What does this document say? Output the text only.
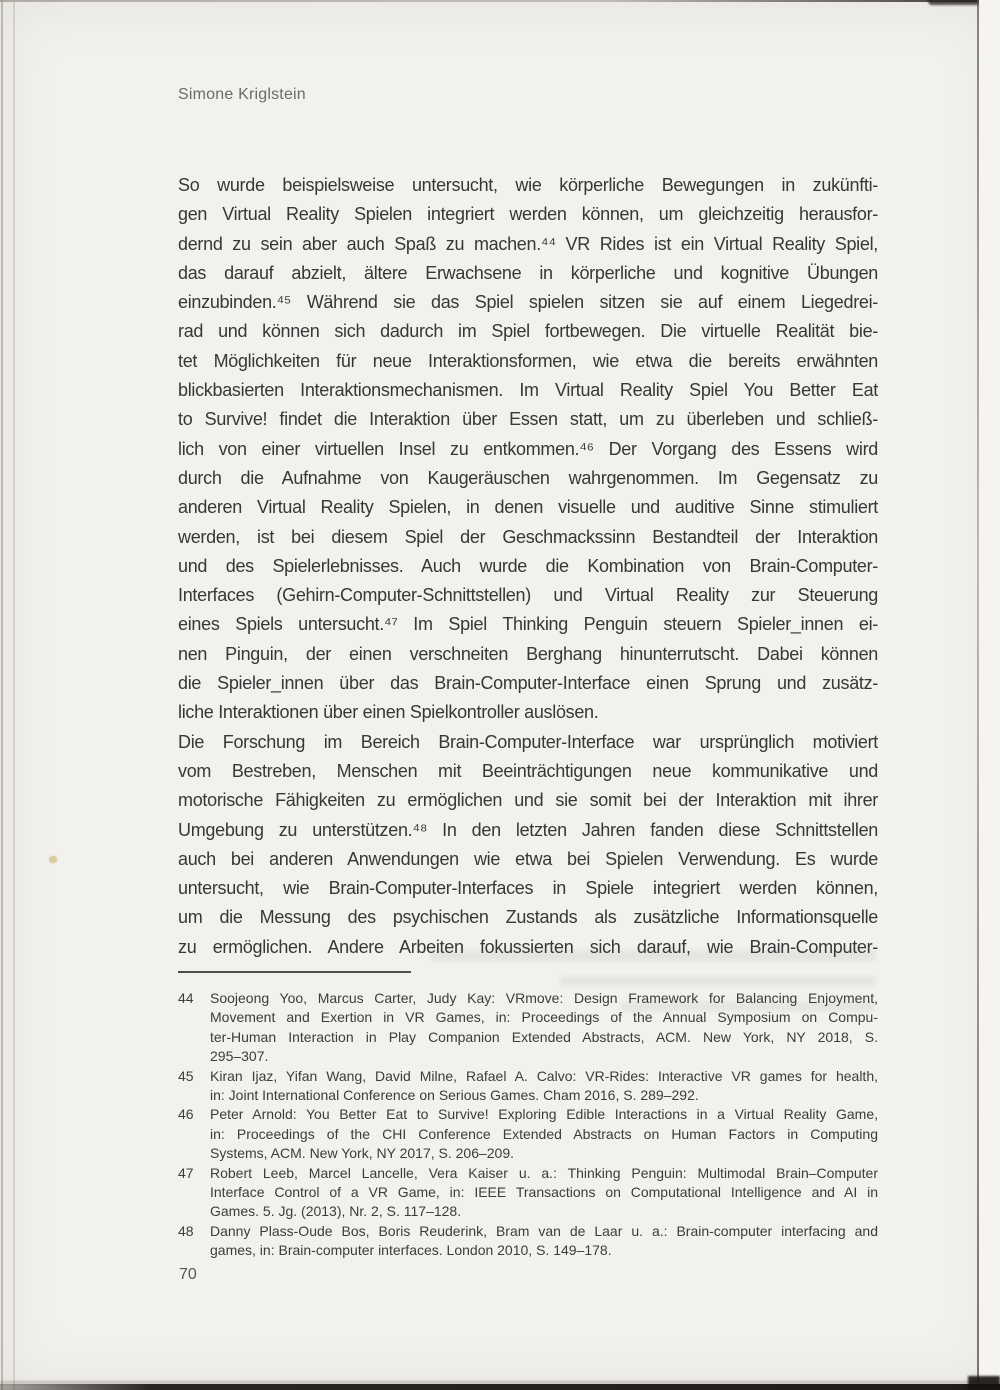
Simone Kriglstein
So wurde beispielsweise untersucht, wie körperliche Bewegungen in zukünfti-
gen Virtual Reality Spielen integriert werden können, um gleichzeitig herausfor-
dernd zu sein aber auch Spaß zu machen.⁴⁴ VR Rides ist ein Virtual Reality Spiel,
das darauf abzielt, ältere Erwachsene in körperliche und kognitive Übungen
einzubinden.⁴⁵ Während sie das Spiel spielen sitzen sie auf einem Liegedrei-
rad und können sich dadurch im Spiel fortbewegen. Die virtuelle Realität bie-
tet Möglichkeiten für neue Interaktionsformen, wie etwa die bereits erwähnten
blickbasierten Interaktionsmechanismen. Im Virtual Reality Spiel You Better Eat
to Survive! findet die Interaktion über Essen statt, um zu überleben und schließ-
lich von einer virtuellen Insel zu entkommen.⁴⁶ Der Vorgang des Essens wird
durch die Aufnahme von Kaugeräuschen wahrgenommen. Im Gegensatz zu
anderen Virtual Reality Spielen, in denen visuelle und auditive Sinne stimuliert
werden, ist bei diesem Spiel der Geschmackssinn Bestandteil der Interaktion
und des Spielerlebnisses. Auch wurde die Kombination von Brain-Computer-
Interfaces (Gehirn-Computer-Schnittstellen) und Virtual Reality zur Steuerung
eines Spiels untersucht.⁴⁷ Im Spiel Thinking Penguin steuern Spieler_innen ei-
nen Pinguin, der einen verschneiten Berghang hinunterrutscht. Dabei können
die Spieler_innen über das Brain-Computer-Interface einen Sprung und zusätz-
liche Interaktionen über einen Spielkontroller auslösen.
Die Forschung im Bereich Brain-Computer-Interface war ursprünglich motiviert
vom Bestreben, Menschen mit Beeinträchtigungen neue kommunikative und
motorische Fähigkeiten zu ermöglichen und sie somit bei der Interaktion mit ihrer
Umgebung zu unterstützen.⁴⁸ In den letzten Jahren fanden diese Schnittstellen
auch bei anderen Anwendungen wie etwa bei Spielen Verwendung. Es wurde
untersucht, wie Brain-Computer-Interfaces in Spiele integriert werden können,
um die Messung des psychischen Zustands als zusätzliche Informationsquelle
zu ermöglichen. Andere Arbeiten fokussierten sich darauf, wie Brain-Computer-
44	Soojeong Yoo, Marcus Carter, Judy Kay: VRmove: Design Framework for Balancing Enjoyment,
Movement and Exertion in VR Games, in: Proceedings of the Annual Symposium on Compu-
ter-Human Interaction in Play Companion Extended Abstracts, ACM. New York, NY 2018, S.
295–307.
45	Kiran Ijaz, Yifan Wang, David Milne, Rafael A. Calvo: VR-Rides: Interactive VR games for health,
in: Joint International Conference on Serious Games. Cham 2016, S. 289–292.
46	Peter Arnold: You Better Eat to Survive! Exploring Edible Interactions in a Virtual Reality Game,
in: Proceedings of the CHI Conference Extended Abstracts on Human Factors in Computing
Systems, ACM. New York, NY 2017, S. 206–209.
47	Robert Leeb, Marcel Lancelle, Vera Kaiser u. a.: Thinking Penguin: Multimodal Brain–Computer
Interface Control of a VR Game, in: IEEE Transactions on Computational Intelligence and AI in
Games. 5. Jg. (2013), Nr. 2, S. 117–128.
48	Danny Plass-Oude Bos, Boris Reuderink, Bram van de Laar u. a.: Brain-computer interfacing and
games, in: Brain-computer interfaces. London 2010, S. 149–178.
70
